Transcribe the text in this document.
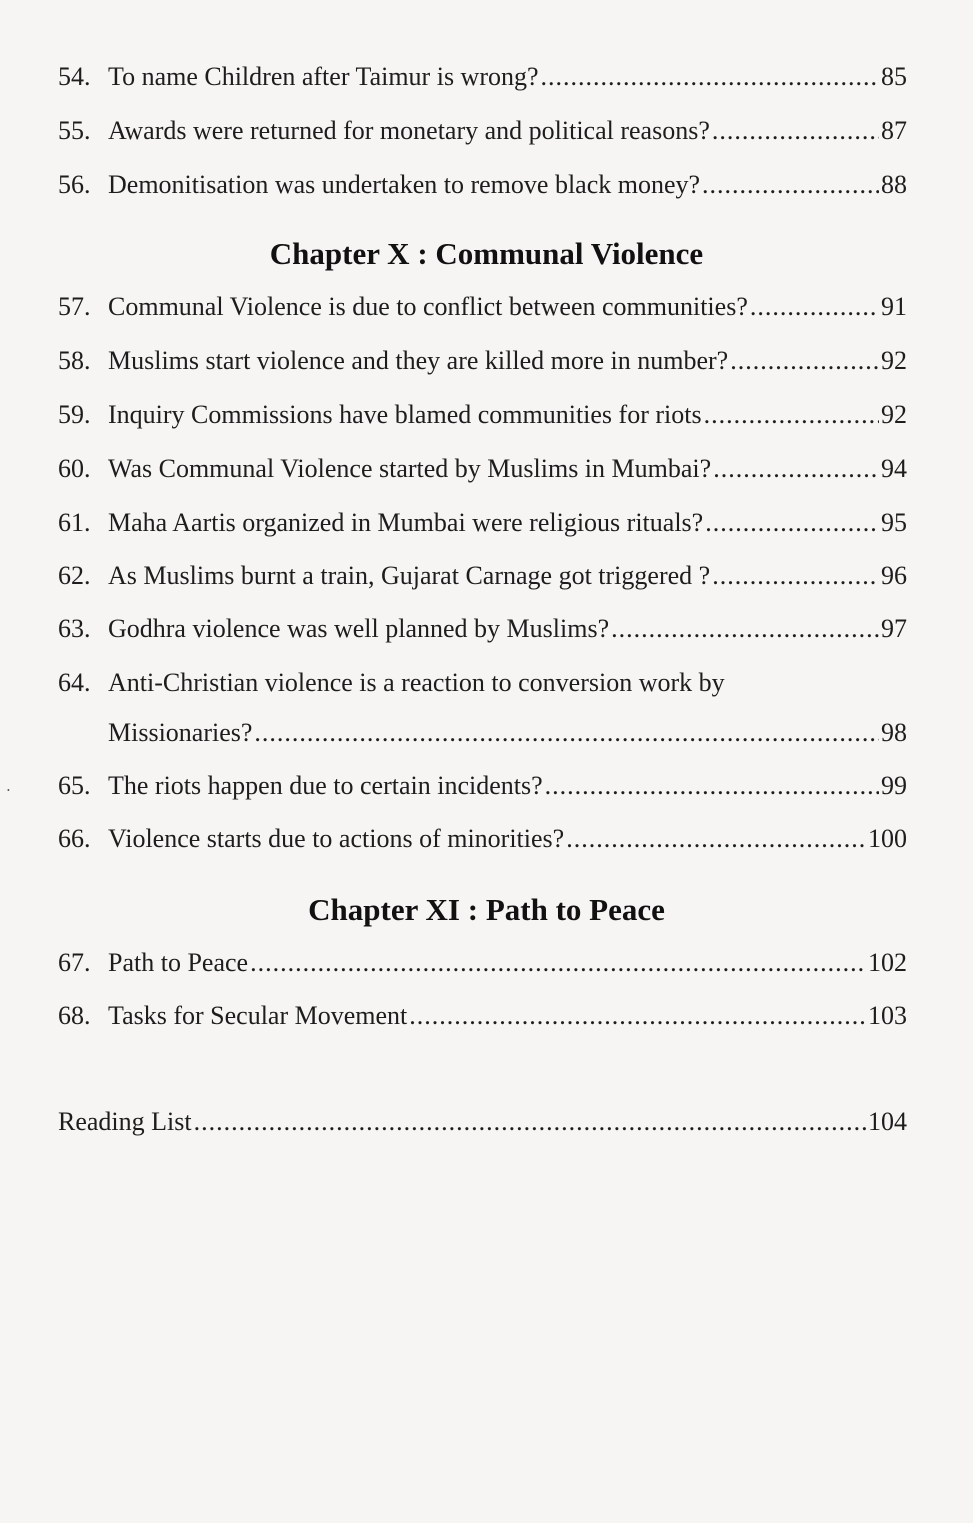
54. To name Children after Taimur is wrong? .....	85
55. Awards were returned for monetary and political reasons? .....	87
56. Demonitisation was undertaken to remove black money? .....	88
Chapter X : Communal Violence
57. Communal Violence is due to conflict between communities? .....	91
58. Muslims start violence and they are killed more in number? .....	92
59. Inquiry Commissions have blamed communities for riots .....	92
60. Was Communal Violence started by Muslims in Mumbai? .....	94
61. Maha Aartis organized in Mumbai were religious rituals? .....	95
62. As Muslims burnt a train, Gujarat Carnage got triggered ? .....	96
63. Godhra violence was well planned by Muslims? .....	97
64. Anti-Christian violence is a reaction to conversion work by
Missionaries? .....	98
65. The riots happen due to certain incidents? .....	99
66. Violence starts due to actions of minorities? .....	100
Chapter XI : Path to Peace
67. Path to Peace .....	102
68. Tasks for Secular Movement .....	103
Reading List .....	104
•
